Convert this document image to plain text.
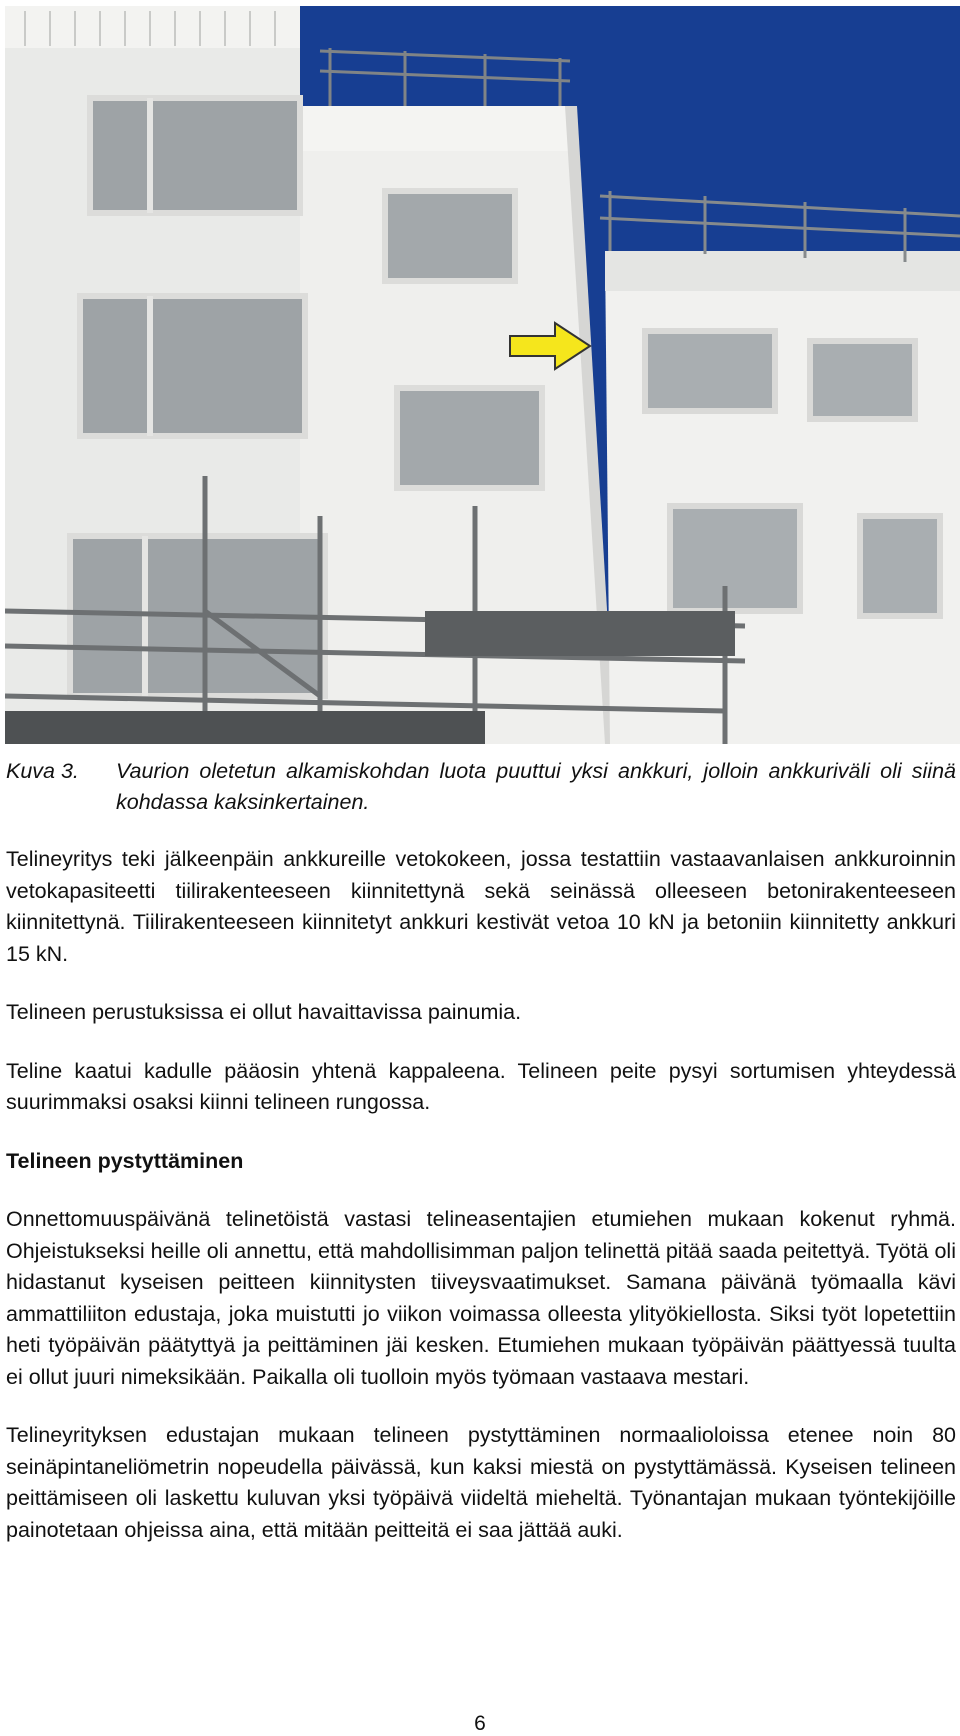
Kuva 3. Vaurion oletetun alkamiskohdan luota puuttui yksi ankkuri, jolloin ankkuriväli oli siinä kohdassa kaksinkertainen.

Telineyritys teki jälkeenpäin ankkureille vetokokeen, jossa testattiin vastaavanlaisen ankkuroinnin vetokapasiteetti tiilirakenteeseen kiinnitettynä sekä seinässä olleeseen betonirakenteeseen kiinnitettynä. Tiilirakenteeseen kiinnitetyt ankkuri kestivät vetoa 10 kN ja betoniin kiinnitetty ankkuri 15 kN.

Telineen perustuksissa ei ollut havaittavissa painumia.

Teline kaatui kadulle pääosin yhtenä kappaleena. Telineen peite pysyi sortumisen yhteydessä suurimmaksi osaksi kiinni telineen rungossa.

Telineen pystyttäminen

Onnettomuuspäivänä telinetöistä vastasi telineasentajien etumiehen mukaan kokenut ryhmä. Ohjeistukseksi heille oli annettu, että mahdollisimman paljon telinettä pitää saada peitettyä. Työtä oli hidastanut kyseisen peitteen kiinnitysten tiiveysvaatimukset. Samana päivänä työmaalla kävi ammattiliiton edustaja, joka muistutti jo viikon voimassa olleesta ylityökiellosta. Siksi työt lopetettiin heti työpäivän päätyttyä ja peittäminen jäi kesken. Etumiehen mukaan työpäivän päättyessä tuulta ei ollut juuri nimeksikään. Paikalla oli tuolloin myös työmaan vastaava mestari.

Telineyrityksen edustajan mukaan telineen pystyttäminen normaalioloissa etenee noin 80 seinäpintaneliömetrin nopeudella päivässä, kun kaksi miestä on pystyttämässä. Kyseisen telineen peittämiseen oli laskettu kuluvan yksi työpäivä viideltä mieheltä. Työnantajan mukaan työntekijöille painotetaan ohjeissa aina, että mitään peitteitä ei saa jättää auki.

6
